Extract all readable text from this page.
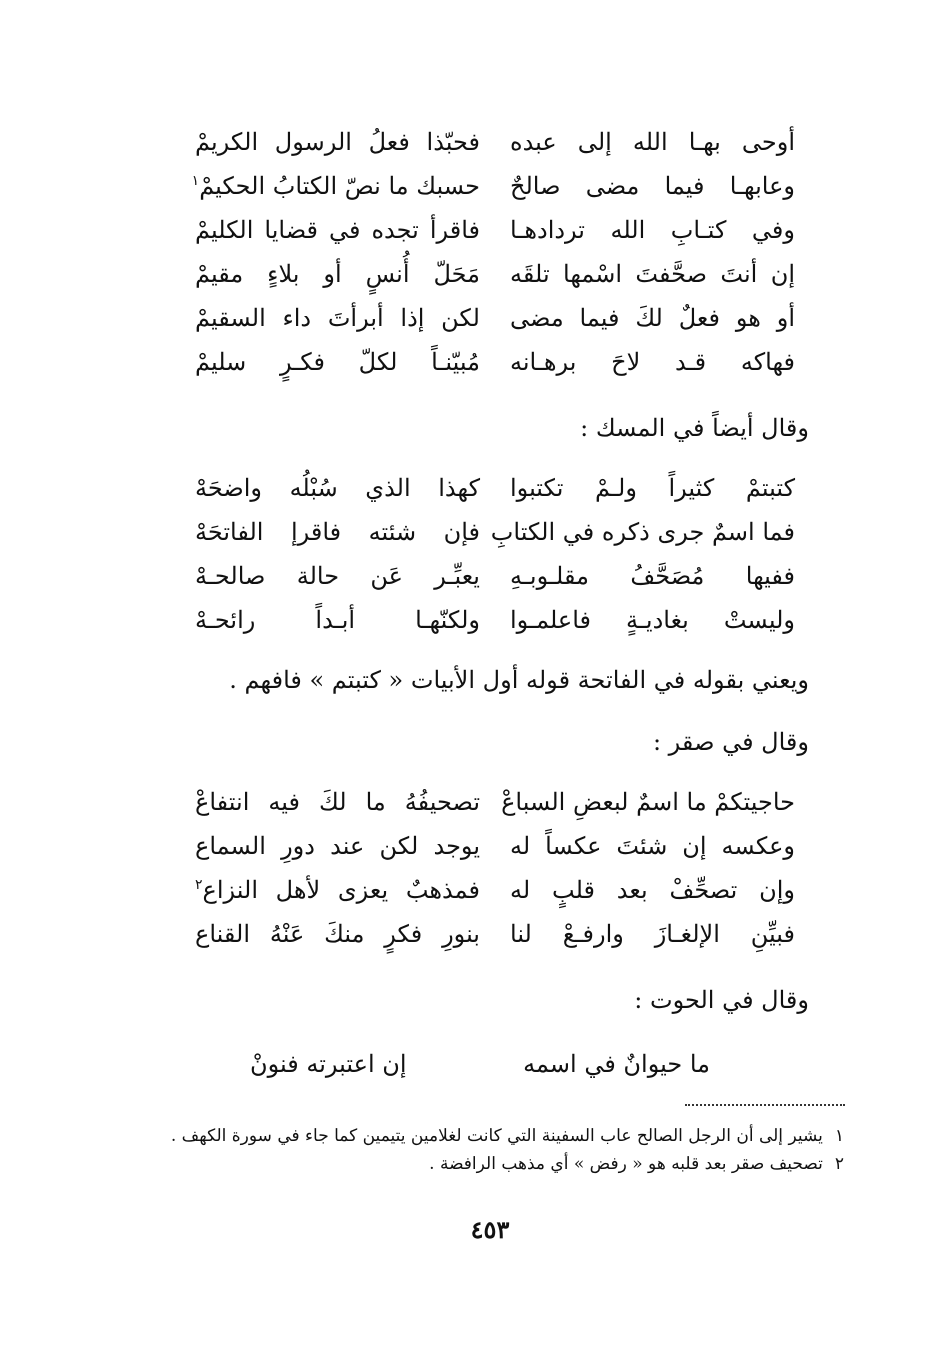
أوحى بهـا الله إلى عبده
فحبّذا فعلُ الرسول الكريمْ
وعابهـا فيما مضى صالحٌ
حسبك ما نصّ الكتابُ الحكيمْ$^١$
وفي كتـابِ الله تردادهـا
فاقرأ تجده في قضايا الكليمْ
إن أنتَ صحَّفتَ اسْمها تلقَه
مَحَلّ أُنسٍ أو بلاءٍ مقيمْ
أو هو فعلٌ لكَ فيما مضى
لكن إذا أبرأتَ داء السقيمْ
فهاكه قـد لاحَ برهـانه
مُبيّنـاً لكلّ فكـرٍ سليمْ
وقال أيضاً في المسك :
كتبتمْ كثيراً ولـمْ تكتبوا
كهذا الذي سُبْلُه واضحَهْ
فما اسمٌ جرى ذكره في الكتابِ
فإن شئته فاقرإ الفاتحَهْ
ففيها مُصَحَّفُ مقلـوبـهِ
يعبِّـر عَن حالة صالحـهْ
وليستْ بغاديـةٍ فاعلمـوا
ولكنّهـا أبـداً رائحـهْ
ويعني بقوله في الفاتحة قوله أول الأبيات « كتبتم » فافهم .
وقال في صقر :
حاجيتكمْ ما اسمٌ لبعضِ السباعْ
تصحيفُهُ ما لكَ فيه انتفاعْ
وعكسه إن شئتَ عكساً له
يوجد لكن عند دورِ السماع
وإن تصحِّفْ بعد قلبٍ له
فمذهبٌ يعزى لأهل النزاع$^٢$
فبيِّنِ الإلغـازَ وارفـعْ لنا
بنورِ فكرٍ منكَ عَنْهُ القناع
وقال في الحوت :
ما حيوانٌ في اسمه
إن اعتبرته فنونْ
١يشير إلى أن الرجل الصالح عاب السفينة التي كانت لغلامين يتيمين كما جاء في سورة الكهف .
٢تصحيف صقر بعد قلبه هو « رفض » أي مذهب الرافضة .
٤٥٣
